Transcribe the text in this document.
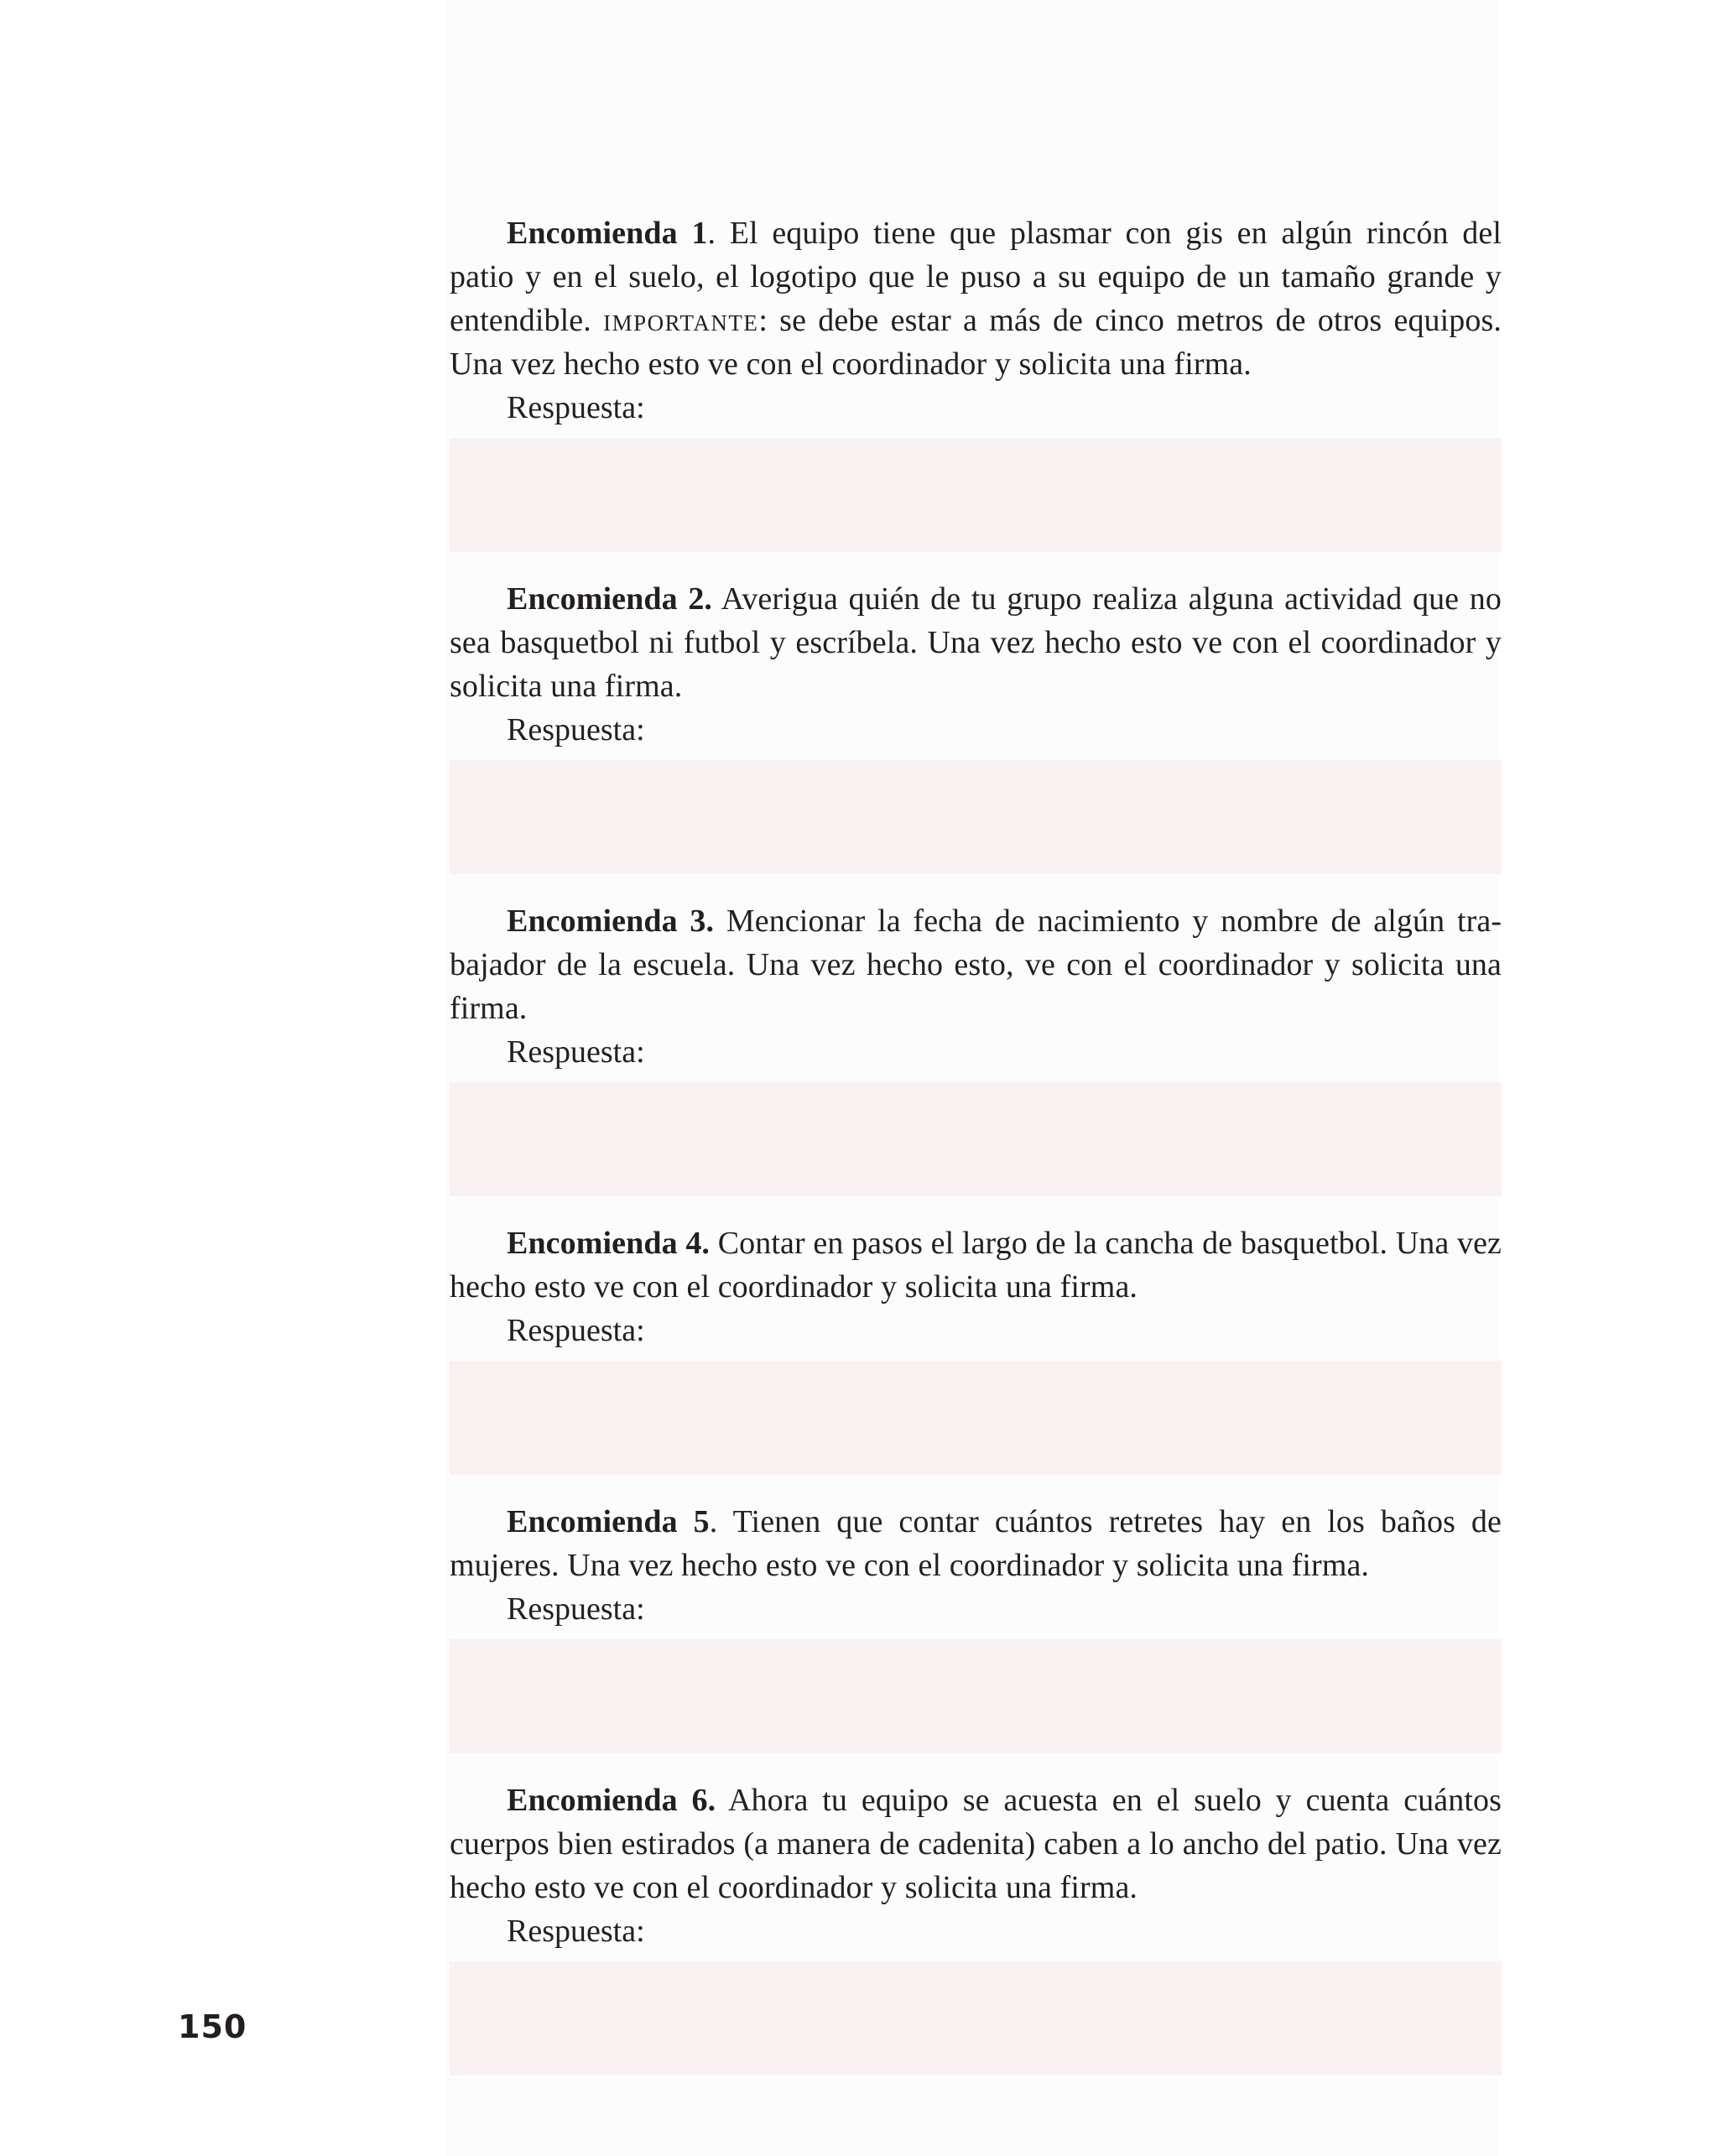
Encomienda 1. El equipo tiene que plasmar con gis en algún rincón del patio y en el suelo, el logotipo que le puso a su equipo de un tamaño grande y entendible. importante: se debe estar a más de cinco metros de otros equipos. Una vez hecho esto ve con el coordinador y solicita una firma.

Respuesta:

Encomienda 2. Averigua quién de tu grupo realiza alguna actividad que no sea basquetbol ni futbol y escríbela. Una vez hecho esto ve con el coordinador y solicita una firma.

Respuesta:

Encomienda 3. Mencionar la fecha de nacimiento y nombre de algún trabajador de la escuela. Una vez hecho esto, ve con el coordinador y solicita una firma.

Respuesta:

Encomienda 4. Contar en pasos el largo de la cancha de basquetbol. Una vez hecho esto ve con el coordinador y solicita una firma.

Respuesta:

Encomienda 5. Tienen que contar cuántos retretes hay en los baños de mujeres. Una vez hecho esto ve con el coordinador y solicita una firma.

Respuesta:

Encomienda 6. Ahora tu equipo se acuesta en el suelo y cuenta cuántos cuerpos bien estirados (a manera de cadenita) caben a lo ancho del patio. Una vez hecho esto ve con el coordinador y solicita una firma.

Respuesta:

150
